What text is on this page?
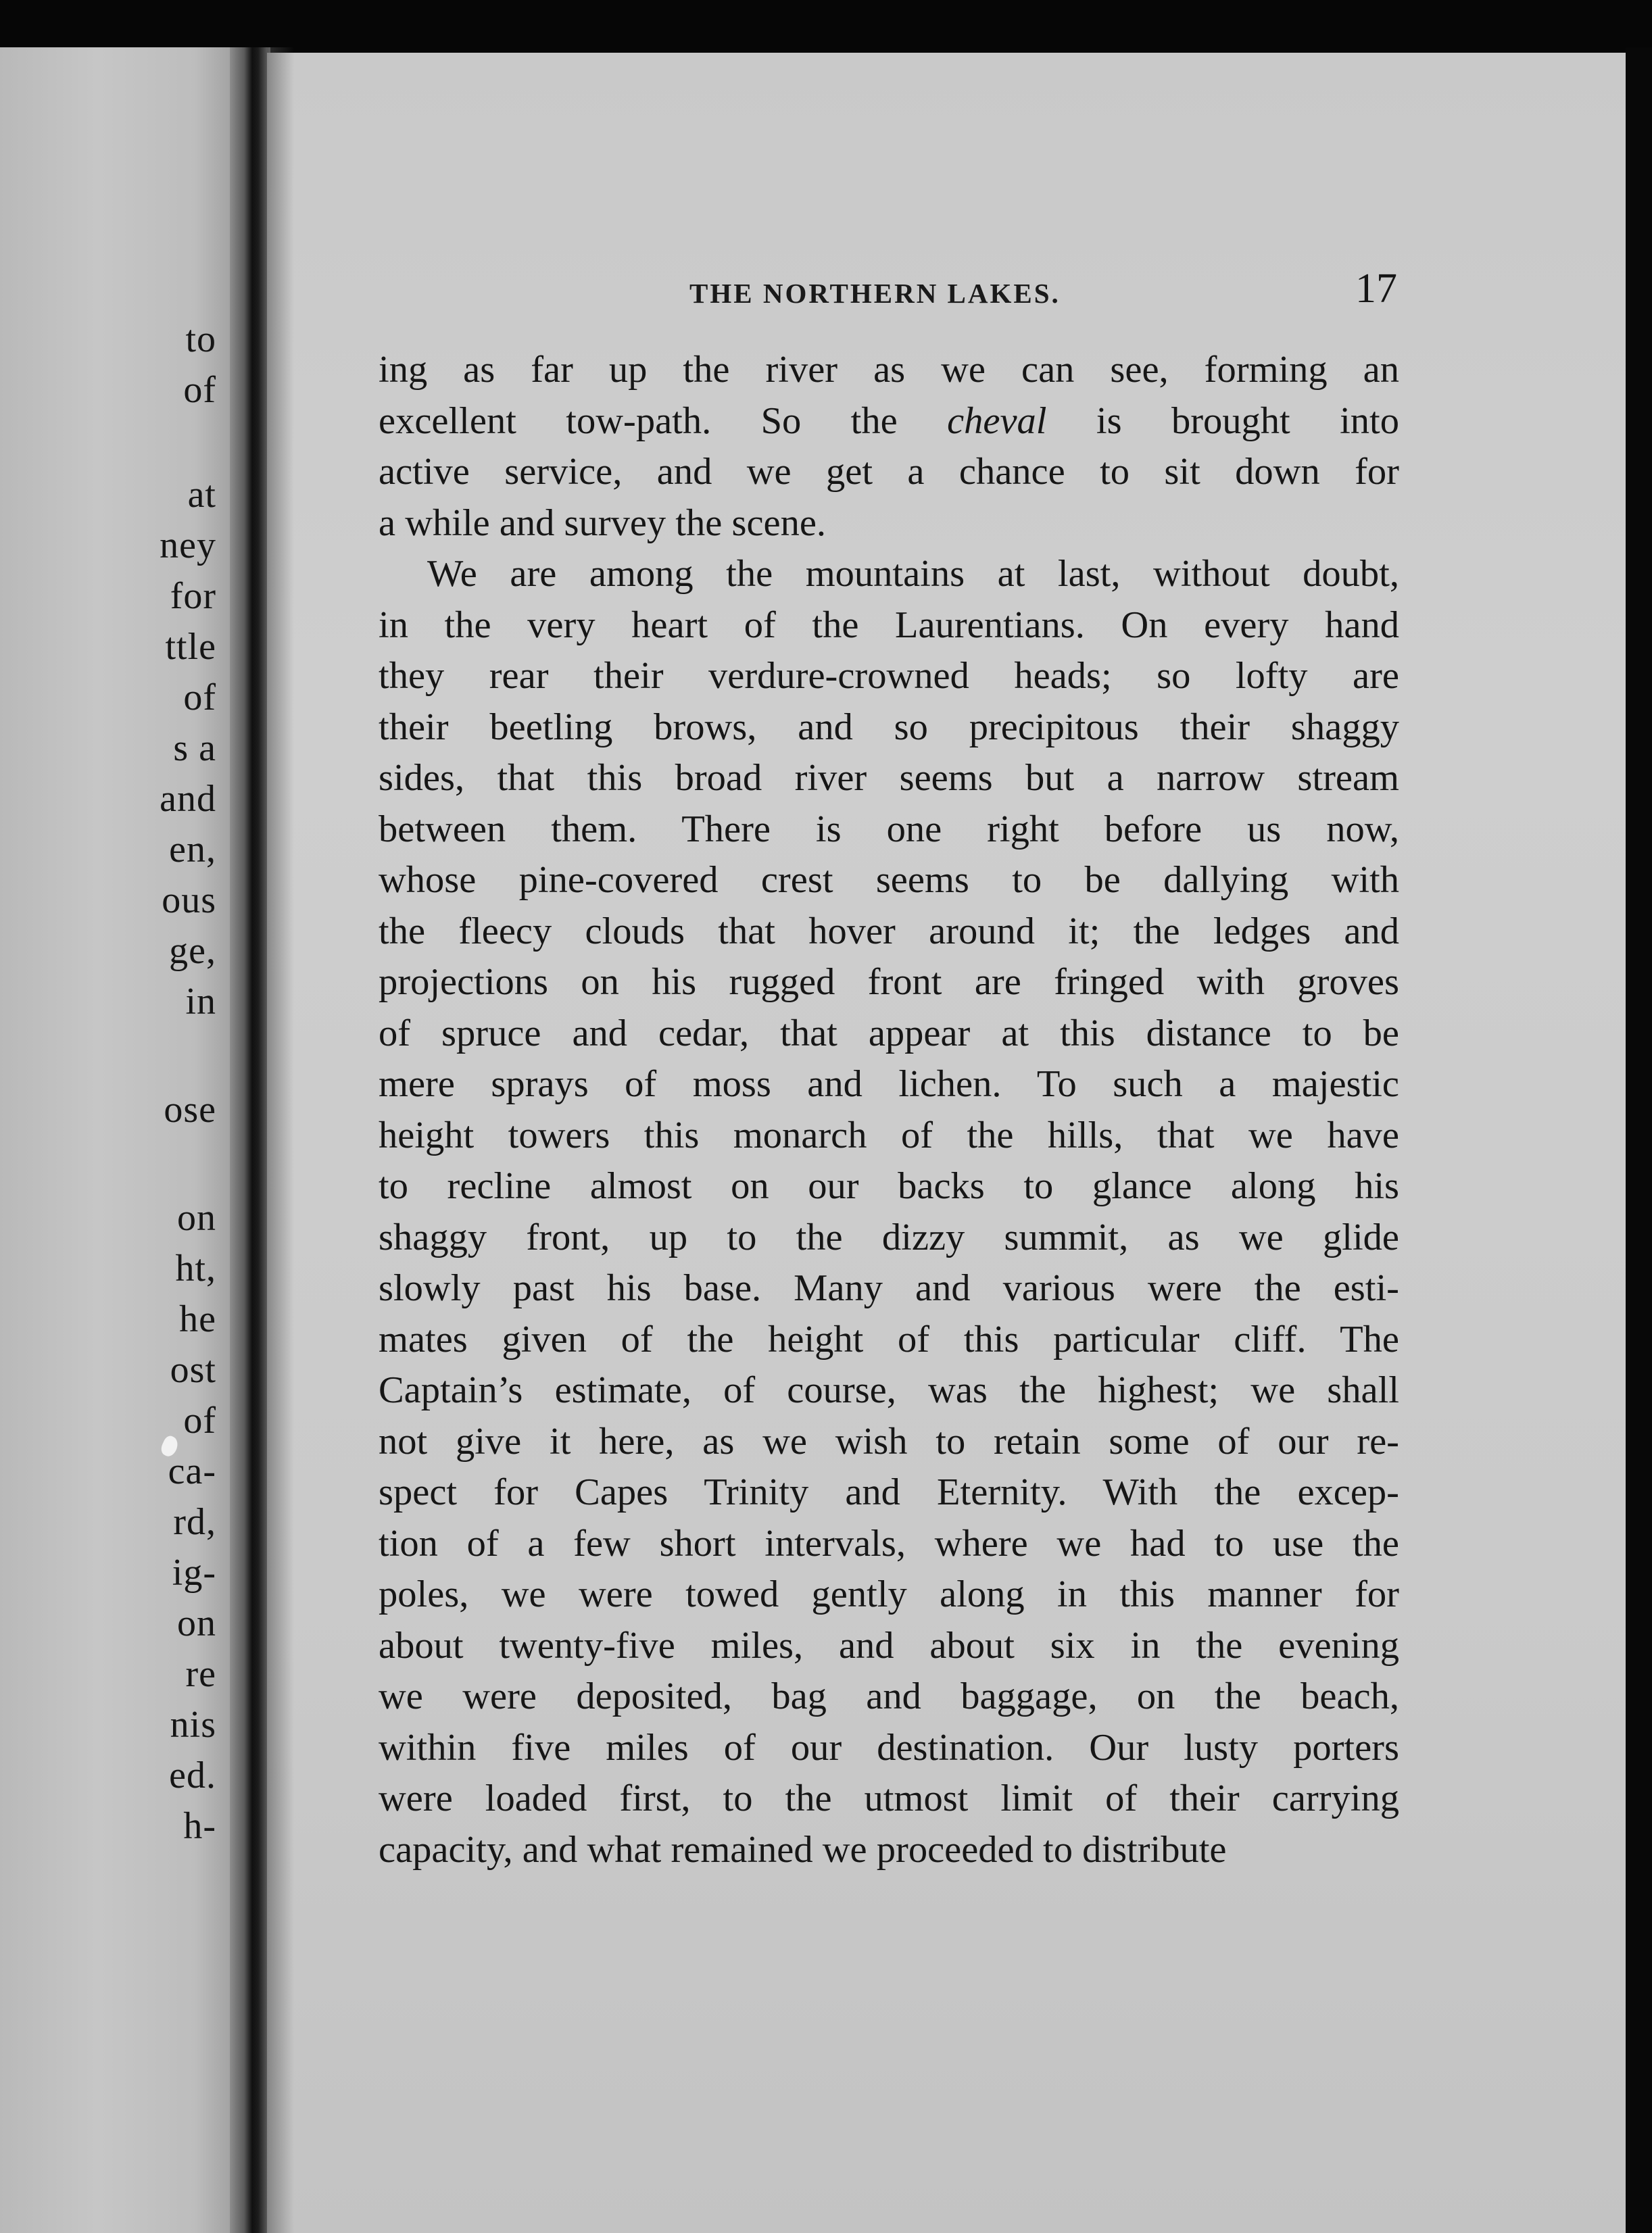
to
of
at
ney
for
ttle
of
s a
and
en,
ous
ge,
in
ose
on
ht,
he
ost
of
ca-
rd,
ig-
on
re
nis
ed.
h-
THE NORTHERN LAKES.	17

ing as far up the river as we can see, forming an
excellent tow-path. So the cheval is brought into
active service, and we get a chance to sit down for
a while and survey the scene.

We are among the mountains at last, without doubt,
in the very heart of the Laurentians. On every hand
they rear their verdure-crowned heads; so lofty are
their beetling brows, and so precipitous their shaggy
sides, that this broad river seems but a narrow stream
between them. There is one right before us now,
whose pine-covered crest seems to be dallying with
the fleecy clouds that hover around it; the ledges and
projections on his rugged front are fringed with groves
of spruce and cedar, that appear at this distance to be
mere sprays of moss and lichen. To such a majestic
height towers this monarch of the hills, that we have
to recline almost on our backs to glance along his
shaggy front, up to the dizzy summit, as we glide
slowly past his base. Many and various were the esti-
mates given of the height of this particular cliff. The
Captain’s estimate, of course, was the highest; we shall
not give it here, as we wish to retain some of our re-
spect for Capes Trinity and Eternity. With the excep-
tion of a few short intervals, where we had to use the
poles, we were towed gently along in this manner for
about twenty-five miles, and about six in the evening
we were deposited, bag and baggage, on the beach,
within five miles of our destination. Our lusty porters
were loaded first, to the utmost limit of their carrying
capacity, and what remained we proceeded to distribute
